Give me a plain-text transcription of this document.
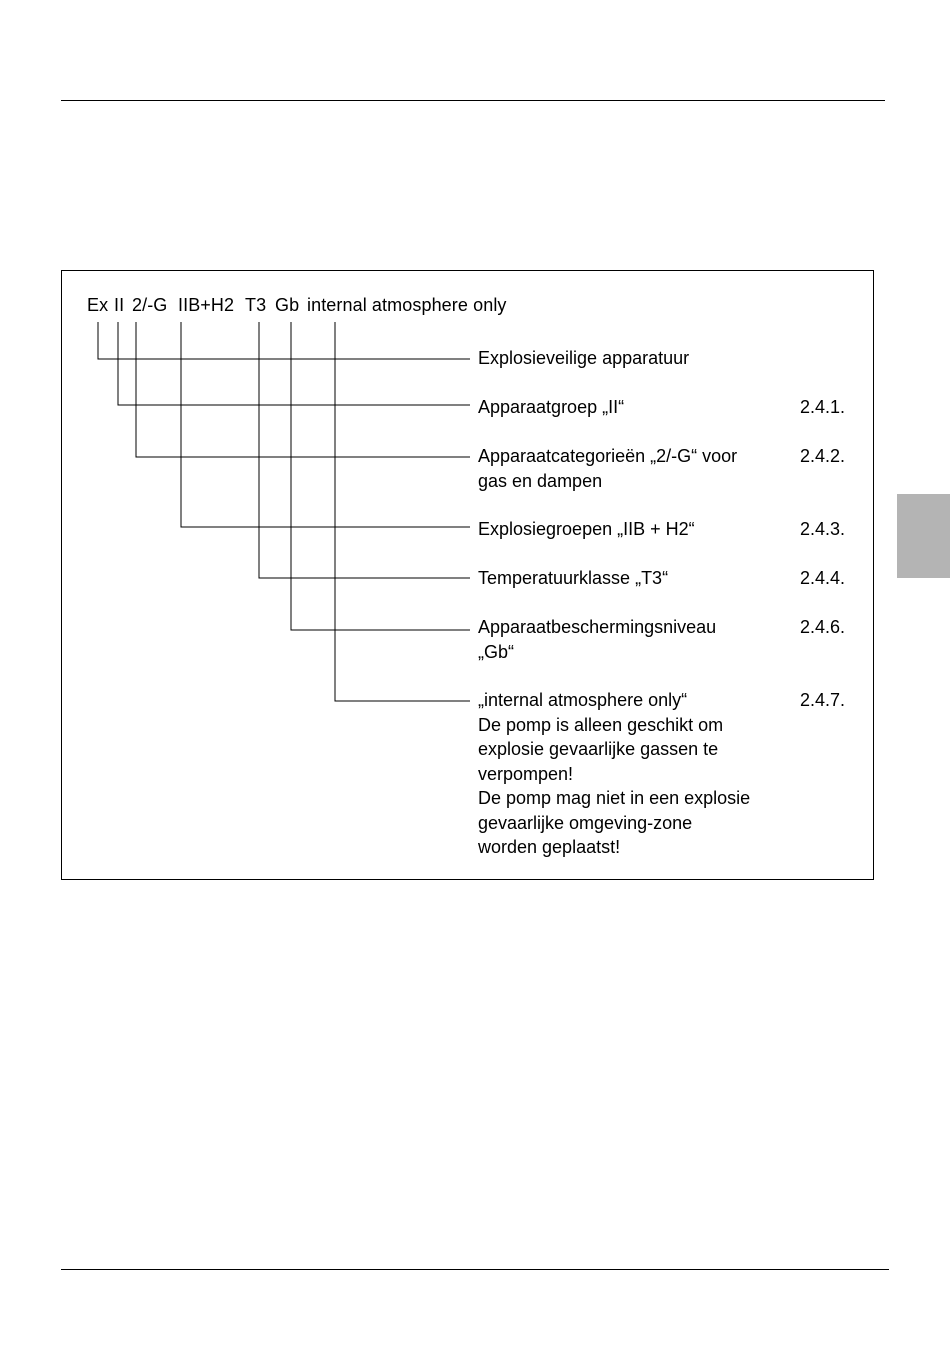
Ex II 2/-G IIB+H2 T3 Gb internal atmosphere only
Explosieveilige apparatuur
Apparaatgroep „II“
Apparaatcategorieën „2/-G“ voor
gas en dampen
Explosiegroepen „IIB + H2“
Temperatuurklasse „T3“
Apparaatbeschermingsniveau
„Gb“
„internal atmosphere only“
De pomp is alleen geschikt om
explosie gevaarlijke gassen te
verpompen!
De pomp mag niet in een explosie
gevaarlijke omgeving-zone
worden geplaatst!
2.4.1.
2.4.2.
2.4.3.
2.4.4.
2.4.6.
2.4.7.
